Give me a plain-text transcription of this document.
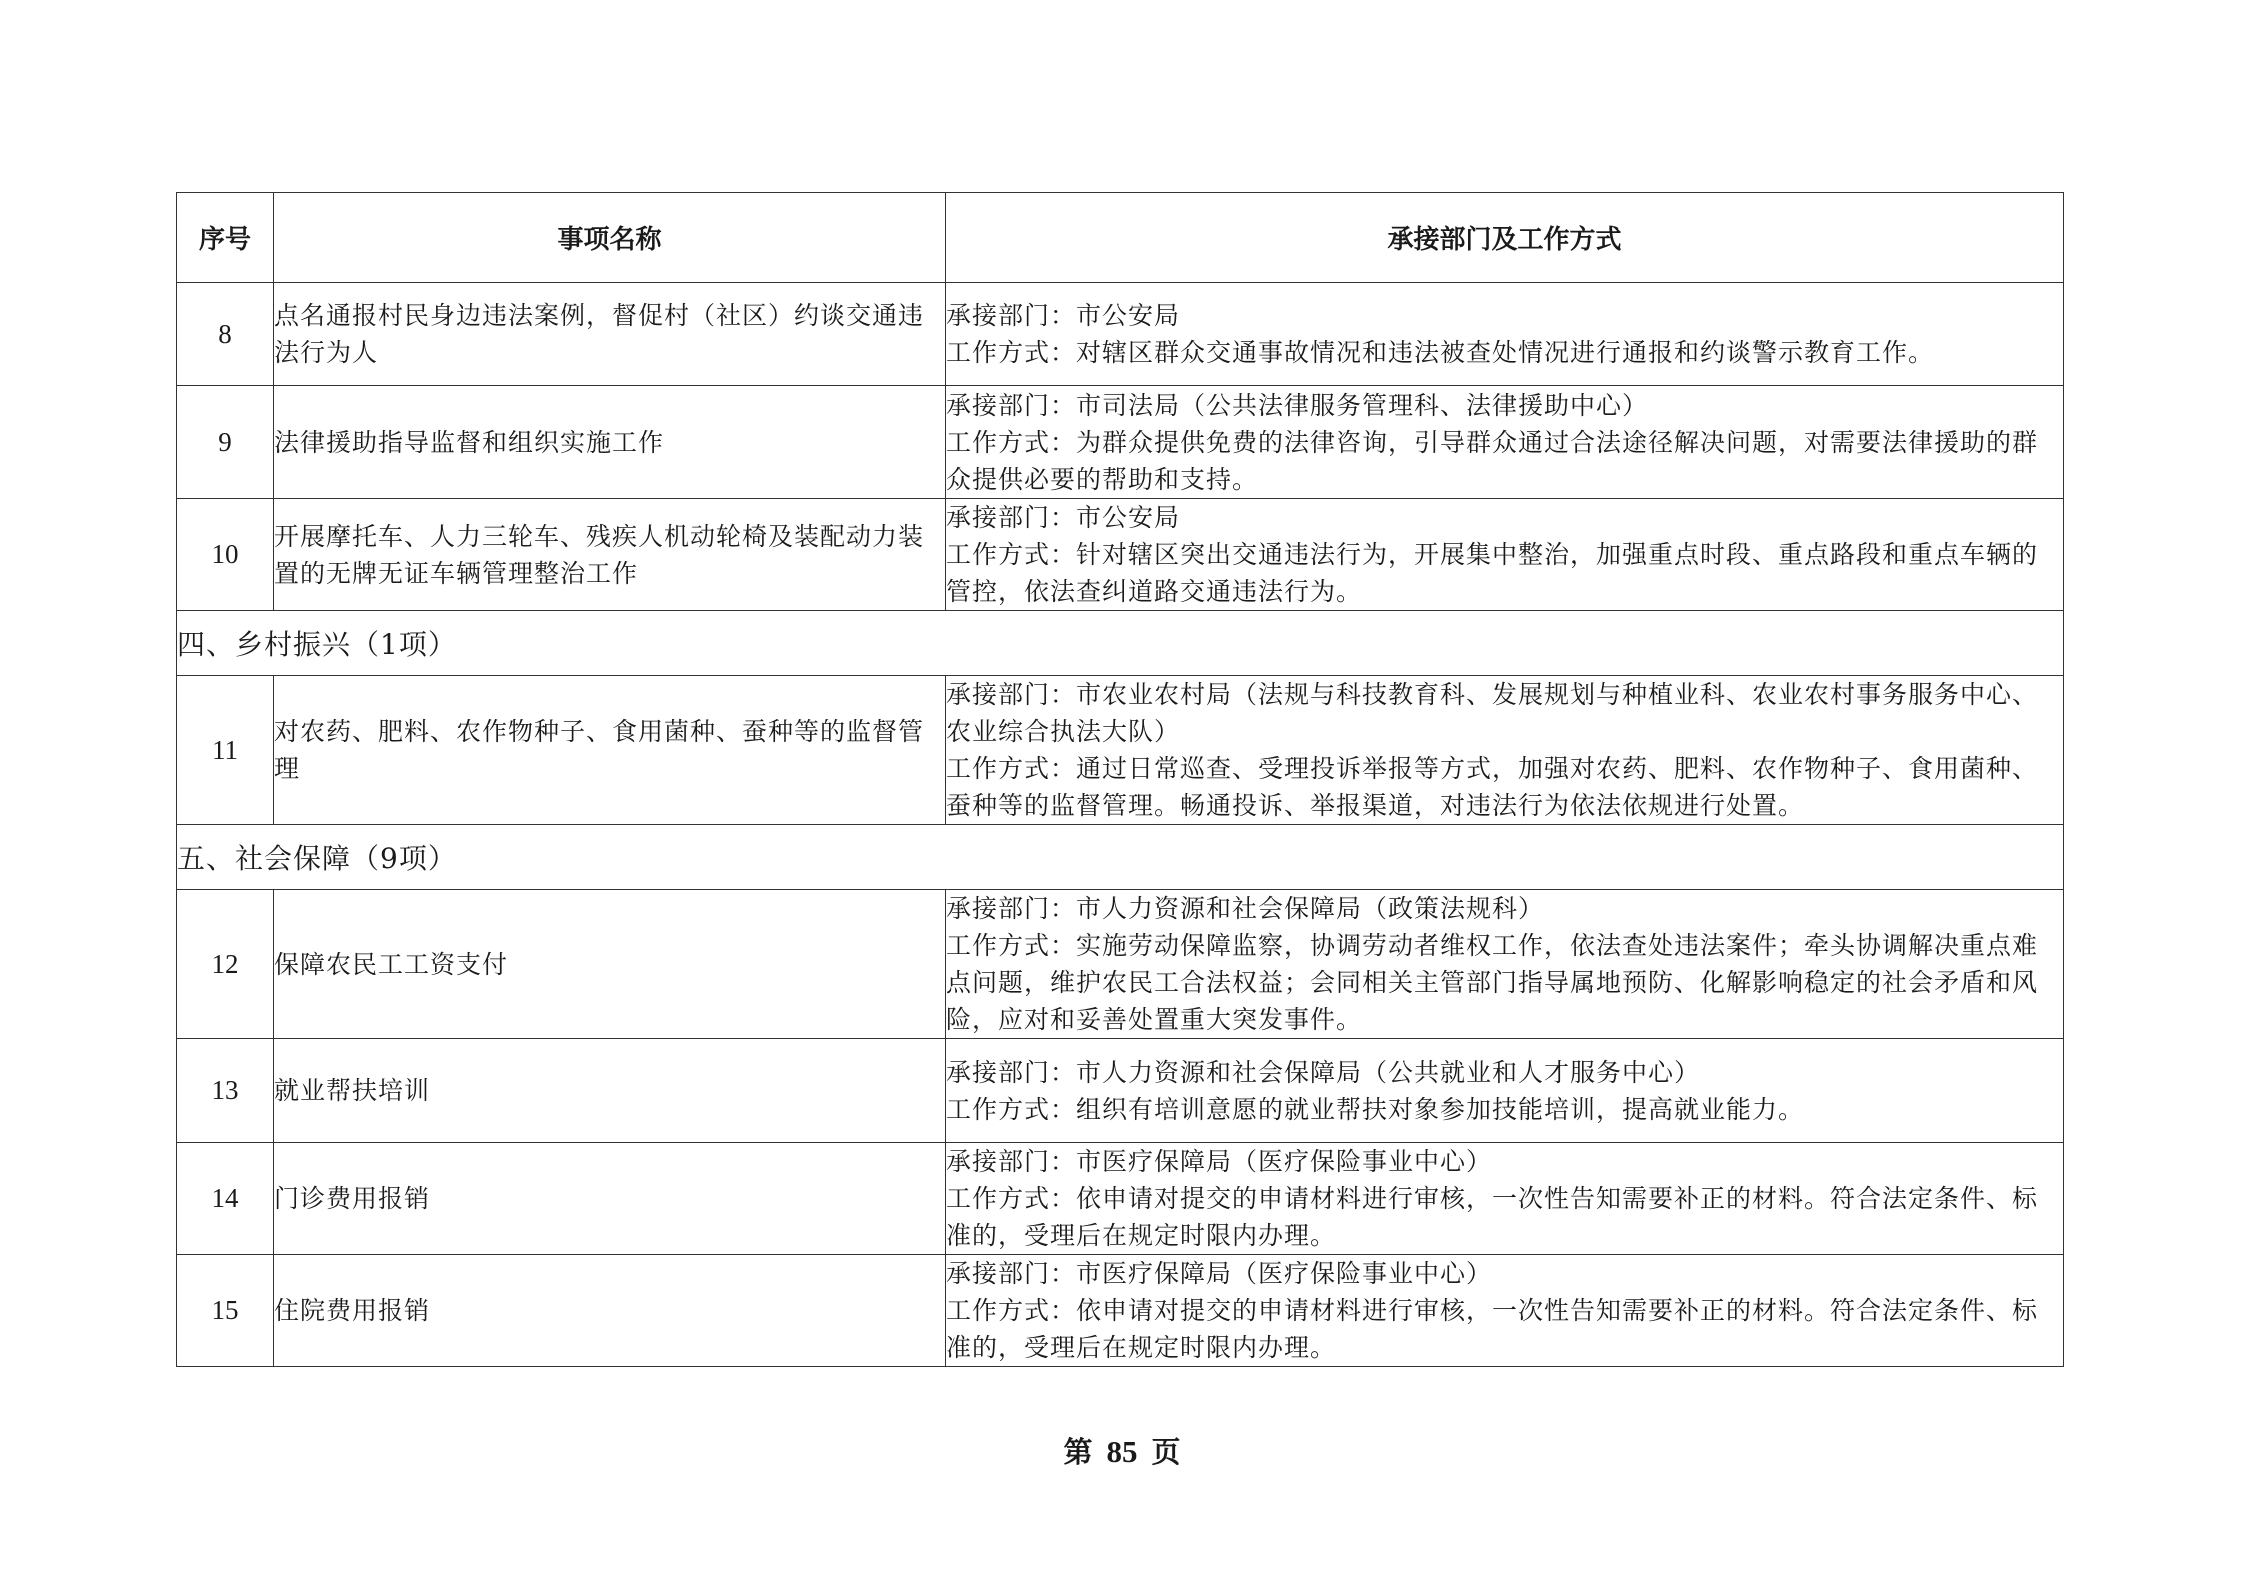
序号	事项名称	承接部门及工作方式
8	点名通报村民身边违法案例，督促村（社区）约谈交通违法行为人	承接部门：市公安局
工作方式：对辖区群众交通事故情况和违法被查处情况进行通报和约谈警示教育工作。

9	法律援助指导监督和组织实施工作	承接部门：市司法局（公共法律服务管理科、法律援助中心）
工作方式：为群众提供免费的法律咨询，引导群众通过合法途径解决问题，对需要法律援助的群众提供必要的帮助和支持。

10	开展摩托车、人力三轮车、残疾人机动轮椅及装配动力装置的无牌无证车辆管理整治工作	承接部门：市公安局
工作方式：针对辖区突出交通违法行为，开展集中整治，加强重点时段、重点路段和重点车辆的管控，依法查纠道路交通违法行为。

四、乡村振兴（1项）		
11	对农药、肥料、农作物种子、食用菌种、蚕种等的监督管理	承接部门：市农业农村局（法规与科技教育科、发展规划与种植业科、农业农村事务服务中心、农业综合执法大队）
工作方式：通过日常巡查、受理投诉举报等方式，加强对农药、肥料、农作物种子、食用菌种、蚕种等的监督管理。畅通投诉、举报渠道，对违法行为依法依规进行处置。

五、社会保障（9项）		
12	保障农民工工资支付	承接部门：市人力资源和社会保障局（政策法规科）
工作方式：实施劳动保障监察，协调劳动者维权工作，依法查处违法案件；牵头协调解决重点难点问题，维护农民工合法权益；会同相关主管部门指导属地预防、化解影响稳定的社会矛盾和风险，应对和妥善处置重大突发事件。

13	就业帮扶培训	承接部门：市人力资源和社会保障局（公共就业和人才服务中心）
工作方式：组织有培训意愿的就业帮扶对象参加技能培训，提高就业能力。

14	门诊费用报销	承接部门：市医疗保障局（医疗保险事业中心）
工作方式：依申请对提交的申请材料进行审核，一次性告知需要补正的材料。符合法定条件、标准的，受理后在规定时限内办理。

15	住院费用报销	承接部门：市医疗保障局（医疗保险事业中心）
工作方式：依申请对提交的申请材料进行审核，一次性告知需要补正的材料。符合法定条件、标准的，受理后在规定时限内办理。
第 85 页
